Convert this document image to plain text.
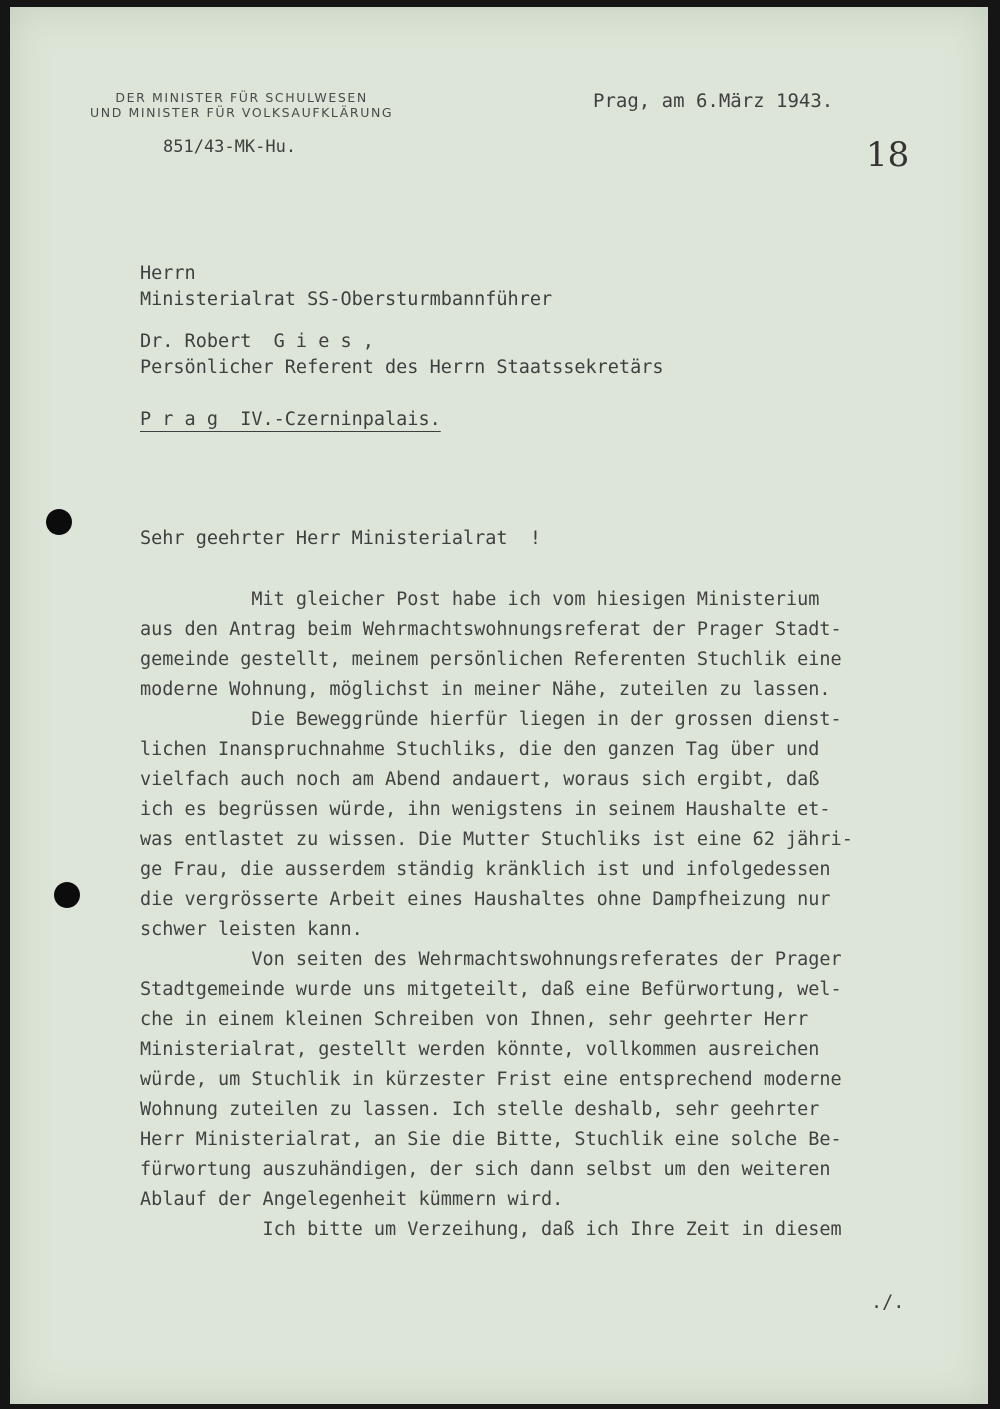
DER MINISTER FÜR SCHULWESEN
UND MINISTER FÜR VOLKSAUFKLÄRUNG
Prag, am 6.März 1943.
851/43-MK-Hu.	18
Herrn
Ministerialrat SS-Obersturmbannführer
Dr. Robert  G i e s ,
Persönlicher Referent des Herrn Staatssekretärs
P r a g  IV.-Czerninpalais.
Sehr geehrter Herr Ministerialrat  !
Mit gleicher Post habe ich vom hiesigen Ministerium
aus den Antrag beim Wehrmachtswohnungsreferat der Prager Stadt-
gemeinde gestellt, meinem persönlichen Referenten Stuchlik eine
moderne Wohnung, möglichst in meiner Nähe, zuteilen zu lassen.
Die Beweggründe hierfür liegen in der grossen dienst-
lichen Inanspruchnahme Stuchliks, die den ganzen Tag über und
vielfach auch noch am Abend andauert, woraus sich ergibt, daß
ich es begrüssen würde, ihn wenigstens in seinem Haushalte et-
was entlastet zu wissen. Die Mutter Stuchliks ist eine 62 jähri-
ge Frau, die ausserdem ständig kränklich ist und infolgedessen
die vergrösserte Arbeit eines Haushaltes ohne Dampfheizung nur
schwer leisten kann.
Von seiten des Wehrmachtswohnungsreferates der Prager
Stadtgemeinde wurde uns mitgeteilt, daß eine Befürwortung, wel-
che in einem kleinen Schreiben von Ihnen, sehr geehrter Herr
Ministerialrat, gestellt werden könnte, vollkommen ausreichen
würde, um Stuchlik in kürzester Frist eine entsprechend moderne
Wohnung zuteilen zu lassen. Ich stelle deshalb, sehr geehrter
Herr Ministerialrat, an Sie die Bitte, Stuchlik eine solche Be-
fürwortung auszuhändigen, der sich dann selbst um den weiteren
Ablauf der Angelegenheit kümmern wird.
Ich bitte um Verzeihung, daß ich Ihre Zeit in diesem
./.
